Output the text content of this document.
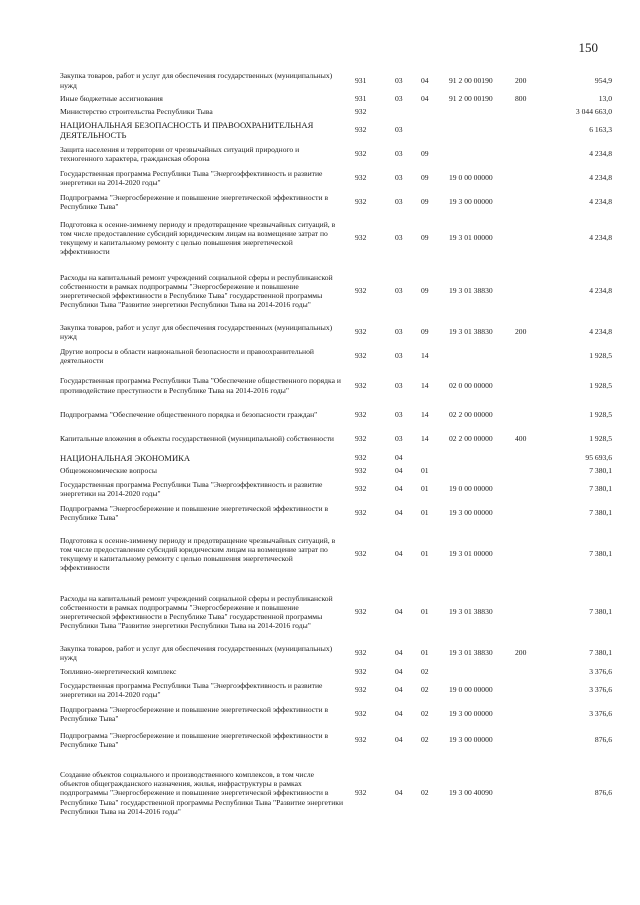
150
Закупка товаров, работ и услуг для обеспечения государственных (муниципальных) нужд	931	03	04	91 2 00 00190	200	954,9
Иные бюджетные ассигнования	931	03	04	91 2 00 00190	800	13,0
Министерство строительства Республики Тыва	932					3 044 663,0
НАЦИОНАЛЬНАЯ БЕЗОПАСНОСТЬ И ПРАВООХРАНИТЕЛЬНАЯ ДЕЯТЕЛЬНОСТЬ	932	03				6 163,3
Защита населения и территории от чрезвычайных ситуаций природного и техногенного характера, гражданская оборона	932	03	09			4 234,8
Государственная программа Республики Тыва "Энергоэффективность и развитие энергетики на 2014-2020 годы"	932	03	09	19 0 00 00000		4 234,8
Подпрограмма "Энергосбережение и повышение энергетической эффективности в Республике Тыва"	932	03	09	19 3 00 00000		4 234,8
Подготовка к осенне-зимнему периоду и предотвращение чрезвычайных ситуаций, в том числе предоставление субсидий юридическим лицам на возмещение затрат по текущему и капитальному ремонту с целью повышения энергетической эффективности	932	03	09	19 3 01 00000		4 234,8
Расходы на капитальный ремонт учреждений социальной сферы и республиканской собственности в рамках подпрограммы "Энергосбережение и повышение энергетической эффективности в Республике Тыва" государственной программы Республики Тыва "Развитие энергетики Республики Тыва на 2014-2016 годы"	932	03	09	19 3 01 38830		4 234,8
Закупка товаров, работ и услуг для обеспечения государственных (муниципальных) нужд	932	03	09	19 3 01 38830	200	4 234,8
Другие вопросы в области национальной безопасности и правоохранительной деятельности	932	03	14			1 928,5
Государственная программа Республики Тыва "Обеспечение общественного порядка и противодействие преступности в Республике Тыва на 2014-2016 годы"	932	03	14	02 0 00 00000		1 928,5
Подпрограмма "Обеспечение общественного порядка и безопасности граждан"	932	03	14	02 2 00 00000		1 928,5
Капитальные вложения в объекты государственной (муниципальной) собственности	932	03	14	02 2 00 00000	400	1 928,5
НАЦИОНАЛЬНАЯ ЭКОНОМИКА	932	04				95 693,6
Общеэкономические вопросы	932	04	01			7 380,1
Государственная программа Республики Тыва "Энергоэффективность и развитие энергетики на 2014-2020 годы"	932	04	01	19 0 00 00000		7 380,1
Подпрограмма "Энергосбережение и повышение энергетической эффективности в Республике Тыва"	932	04	01	19 3 00 00000		7 380,1
Подготовка к осенне-зимнему периоду и предотвращение чрезвычайных ситуаций, в том числе предоставление субсидий юридическим лицам на возмещение затрат по текущему и капитальному ремонту с целью повышения энергетической эффективности	932	04	01	19 3 01 00000		7 380,1
Расходы на капитальный ремонт учреждений социальной сферы и республиканской собственности в рамках подпрограммы "Энергосбережение и повышение энергетической эффективности в Республике Тыва" государственной программы Республики Тыва "Развитие энергетики Республики Тыва на 2014-2016 годы"	932	04	01	19 3 01 38830		7 380,1
Закупка товаров, работ и услуг для обеспечения государственных (муниципальных) нужд	932	04	01	19 3 01 38830	200	7 380,1
Топливно-энергетический комплекс	932	04	02			3 376,6
Государственная программа Республики Тыва "Энергоэффективность и развитие энергетики на 2014-2020 годы"	932	04	02	19 0 00 00000		3 376,6
Подпрограмма "Энергосбережение и повышение энергетической эффективности в Республике Тыва"	932	04	02	19 3 00 00000		3 376,6
Подпрограмма "Энергосбережение и повышение энергетической эффективности в Республике Тыва"	932	04	02	19 3 00 00000		876,6
Создание объектов социального и производственного комплексов, в том числе объектов общегражданского назначения, жилья, инфраструктуры в рамках подпрограммы "Энергосбережение и повышение энергетической эффективности в Республике Тыва" государственной программы Республики Тыва "Развитие энергетики Республики Тыва на 2014-2016 годы"	932	04	02	19 3 00 40090		876,6
